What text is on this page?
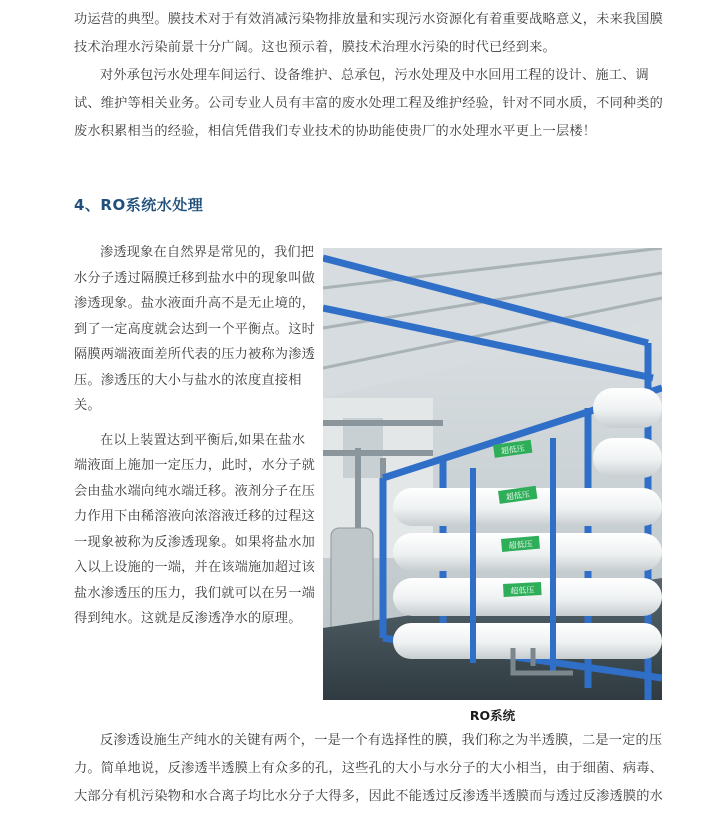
功运营的典型。膜技术对于有效消减污染物排放量和实现污水资源化有着重要战略意义，未来我国膜技术治理水污染前景十分广阔。这也预示着，膜技术治理水污染的时代已经到来。

对外承包污水处理车间运行、设备维护、总承包，污水处理及中水回用工程的设计、施工、调试、维护等相关业务。公司专业人员有丰富的废水处理工程及维护经验，针对不同水质，不同种类的废水积累相当的经验，相信凭借我们专业技术的协助能使贵厂的水处理水平更上一层楼！

4、RO系统水处理

渗透现象在自然界是常见的，我们把水分子透过隔膜迁移到盐水中的现象叫做渗透现象。盐水液面升高不是无止境的，到了一定高度就会达到一个平衡点。这时隔膜两端液面差所代表的压力被称为渗透压。渗透压的大小与盐水的浓度直接相关。

在以上装置达到平衡后,如果在盐水端液面上施加一定压力，此时，水分子就会由盐水端向纯水端迁移。液剂分子在压力作用下由稀溶液向浓溶液迁移的过程这一现象被称为反渗透现象。如果将盐水加入以上设施的一端，并在该端施加超过该盐水渗透压的压力，我们就可以在另一端得到纯水。这就是反渗透净水的原理。

超低压
超低压
超低压
超低压

RO系统

反渗透设施生产纯水的关键有两个，一是一个有选择性的膜，我们称之为半透膜，二是一定的压力。简单地说，反渗透半透膜上有众多的孔，这些孔的大小与水分子的大小相当，由于细菌、病毒、大部分有机污染物和水合离子均比水分子大得多，因此不能透过反渗透半透膜而与透过反渗透膜的水
